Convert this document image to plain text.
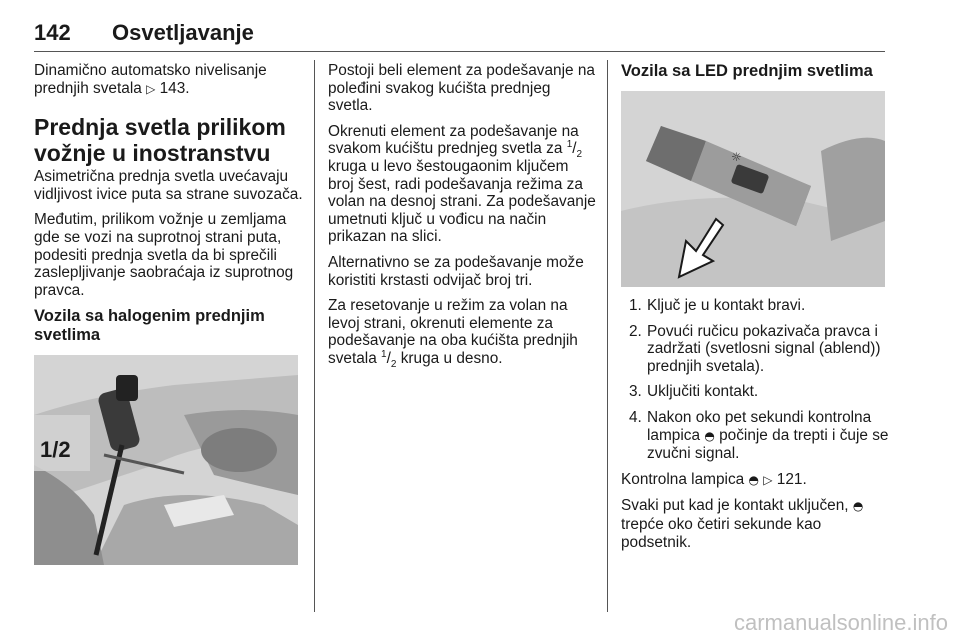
142 Osvetljavanje

Dinamično automatsko nivelisanje prednjih svetala ▷ 143.

Prednja svetla prilikom vožnje u inostranstvu

Asimetrična prednja svetla uvećavaju vidljivost ivice puta sa strane suvozača.

Međutim, prilikom vožnje u zemljama gde se vozi na suprotnoj strani puta, podesiti prednja svetla da bi sprečili zaslepljivanje saobraćaja iz suprotnog pravca.

Vozila sa halogenim prednjim svetlima
1/2

Postoji beli element za podešavanje na poleđini svakog kućišta prednjeg svetla.

Okrenuti element za podešavanje na svakom kućištu prednjeg svetla za $^1/_2$ kruga u levo šestougaonim ključem broj šest, radi podešavanja režima za volan na desnoj strani. Za podešavanje umetnuti ključ u vođicu na način prikazan na slici.

Alternativno se za podešavanje može koristiti krstasti odvijač broj tri.

Za resetovanje u režim za volan na levoj strani, okrenuti elemente za podešavanje na oba kućišta prednjih svetala $^1/_2$ kruga u desno.

Vozila sa LED prednjim svetlima
☼
1. Ključ je u kontakt bravi.
2. Povući ručicu pokazivača pravca i zadržati (svetlosni signal (ablend)) prednjih svetala).
3. Uključiti kontakt.
4. Nakon oko pet sekundi kontrolna lampica ◓ počinje da trepti i čuje se zvučni signal.

Kontrolna lampica ◓ ▷ 121.

Svaki put kad je kontakt uključen, ◓ trepće oko četiri sekunde kao podsetnik.

carmanualsonline.info
